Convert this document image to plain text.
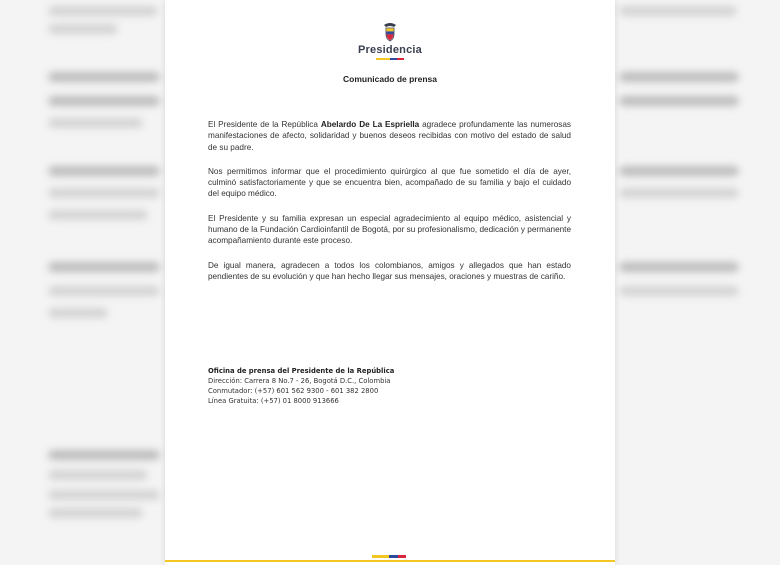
Presidencia
Comunicado de prensa

El Presidente de la República Abelardo De La Espriella agradece profundamente las numerosas manifestaciones de afecto, solidaridad y buenos deseos recibidas con motivo del estado de salud de su padre.

Nos permitimos informar que el procedimiento quirúrgico al que fue sometido el día de ayer, culminó satisfactoriamente y que se encuentra bien, acompañado de su familia y bajo el cuidado del equipo médico.

El Presidente y su familia expresan un especial agradecimiento al equipo médico, asistencial y humano de la Fundación Cardioinfantil de Bogotá, por su profesionalismo, dedicación y permanente acompañamiento durante este proceso.

De igual manera, agradecen a todos los colombianos, amigos y allegados que han estado pendientes de su evolución y que han hecho llegar sus mensajes, oraciones y muestras de cariño.

Oficina de prensa del Presidente de la República
Dirección: Carrera 8 No.7 - 26, Bogotá D.C., Colombia
Conmutador: (+57) 601 562 9300 - 601 382 2800
Línea Gratuita: (+57) 01 8000 913666
